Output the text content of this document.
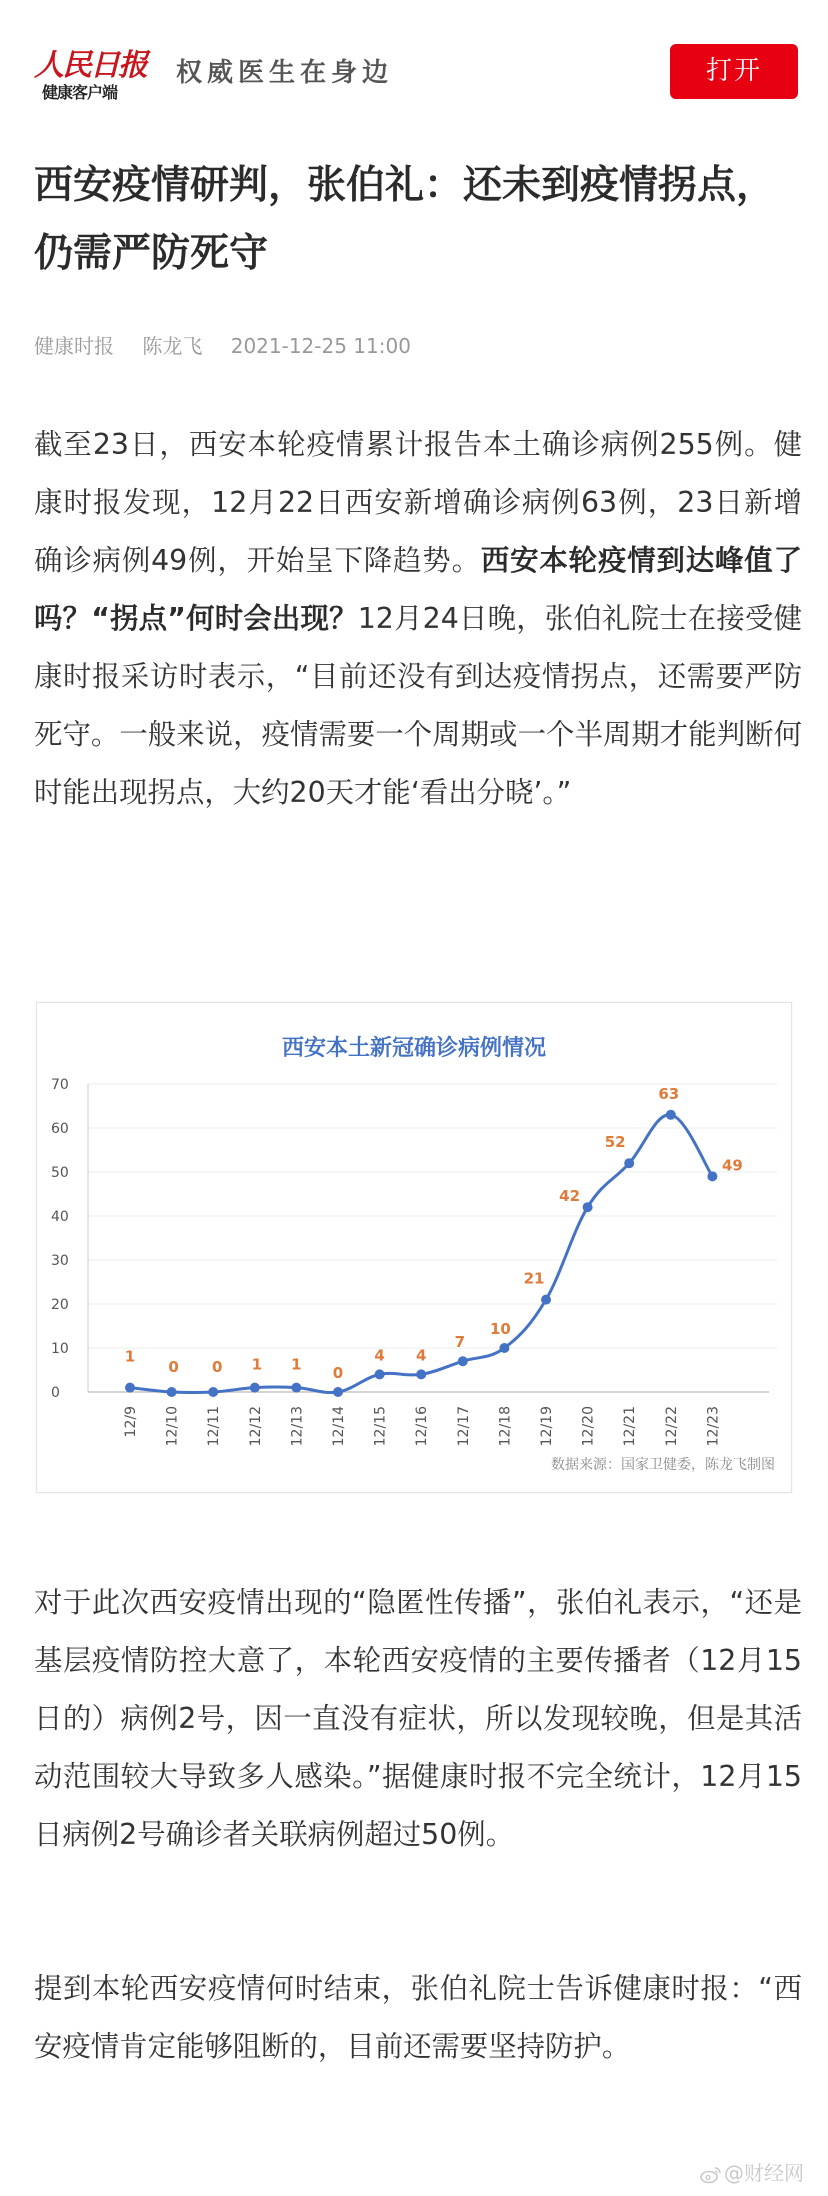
人民日报
健康客户端
权威医生在身边	打开
西安疫情研判，张伯礼：还未到疫情拐点，仍需严防死守
健康时报 陈龙飞 2021-12-25 11:00

截至23日，西安本轮疫情累计报告本土确诊病例255例。健康时报发现，12月22日西安新增确诊病例63例，23日新增确诊病例49例，开始呈下降趋势。西安本轮疫情到达峰值了吗？“拐点”何时会出现？12月24日晚，张伯礼院士在接受健康时报采访时表示，“目前还没有到达疫情拐点，还需要严防死守。一般来说，疫情需要一个周期或一个半周期才能判断何时能出现拐点，大约20天才能‘看出分晓’。”

西安本土新冠确诊病例情况
0
10
20
30
40
50
60
70
12/9 12/10 12/11 12/12 12/13 12/14 12/15 12/16 12/17 12/18 12/19 12/20 12/21 12/22 12/23
1
0 0 1 1 0
4 4
7
10
21
42
52
63
49
数据来源：国家卫健委，陈龙飞制图

对于此次西安疫情出现的“隐匿性传播”，张伯礼表示，“还是基层疫情防控大意了，本轮西安疫情的主要传播者（12月15日的）病例2号，因一直没有症状，所以发现较晚，但是其活动范围较大导致多人感染。”据健康时报不完全统计，12月15日病例2号确诊者关联病例超过50例。

提到本轮西安疫情何时结束，张伯礼院士告诉健康时报：“西安疫情肯定能够阻断的，目前还需要坚持防护。

@财经网
